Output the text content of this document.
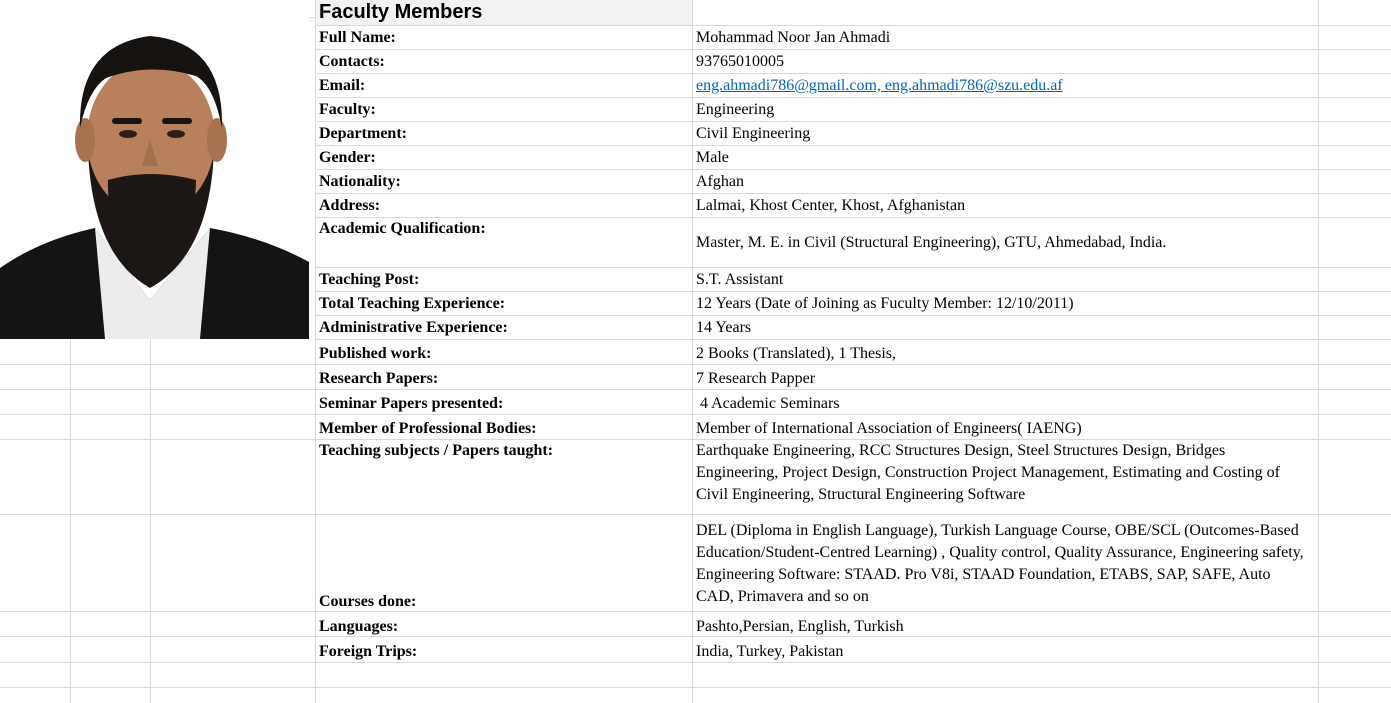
Faculty Members
Full Name:
Contacts:
Email:
Faculty:
Department:
Gender:
Nationality:
Address:
Academic Qualification:
Teaching Post:
Total Teaching Experience:
Administrative Experience:
Published work:
Research Papers:
Seminar Papers presented:
Member of Professional Bodies:
Teaching subjects / Papers taught:
Courses done:
Languages:
Foreign Trips:
Mohammad Noor Jan Ahmadi
93765010005
eng.ahmadi786@gmail.com, eng.ahmadi786@szu.edu.af
Engineering
Civil Engineering
Male
Afghan
Lalmai, Khost Center, Khost, Afghanistan
Master, M. E. in Civil (Structural Engineering), GTU, Ahmedabad, India.
S.T. Assistant
12 Years (Date of Joining as Fuculty Member: 12/10/2011)
14 Years
2 Books (Translated), 1 Thesis,
7 Research Papper
4 Academic Seminars
Member of International Association of Engineers( IAENG)
Earthquake Engineering, RCC Structures Design, Steel Structures Design, Bridges Engineering, Project Design, Construction Project Management, Estimating and Costing of Civil Engineering, Structural Engineering Software
DEL (Diploma in English Language), Turkish Language Course, OBE/SCL (Outcomes-Based Education/Student-Centred Learning) , Quality control, Quality Assurance, Engineering safety, Engineering Software: STAAD. Pro V8i, STAAD Foundation, ETABS, SAP, SAFE, Auto CAD, Primavera and so on
Pashto,Persian, English, Turkish
India, Turkey, Pakistan
